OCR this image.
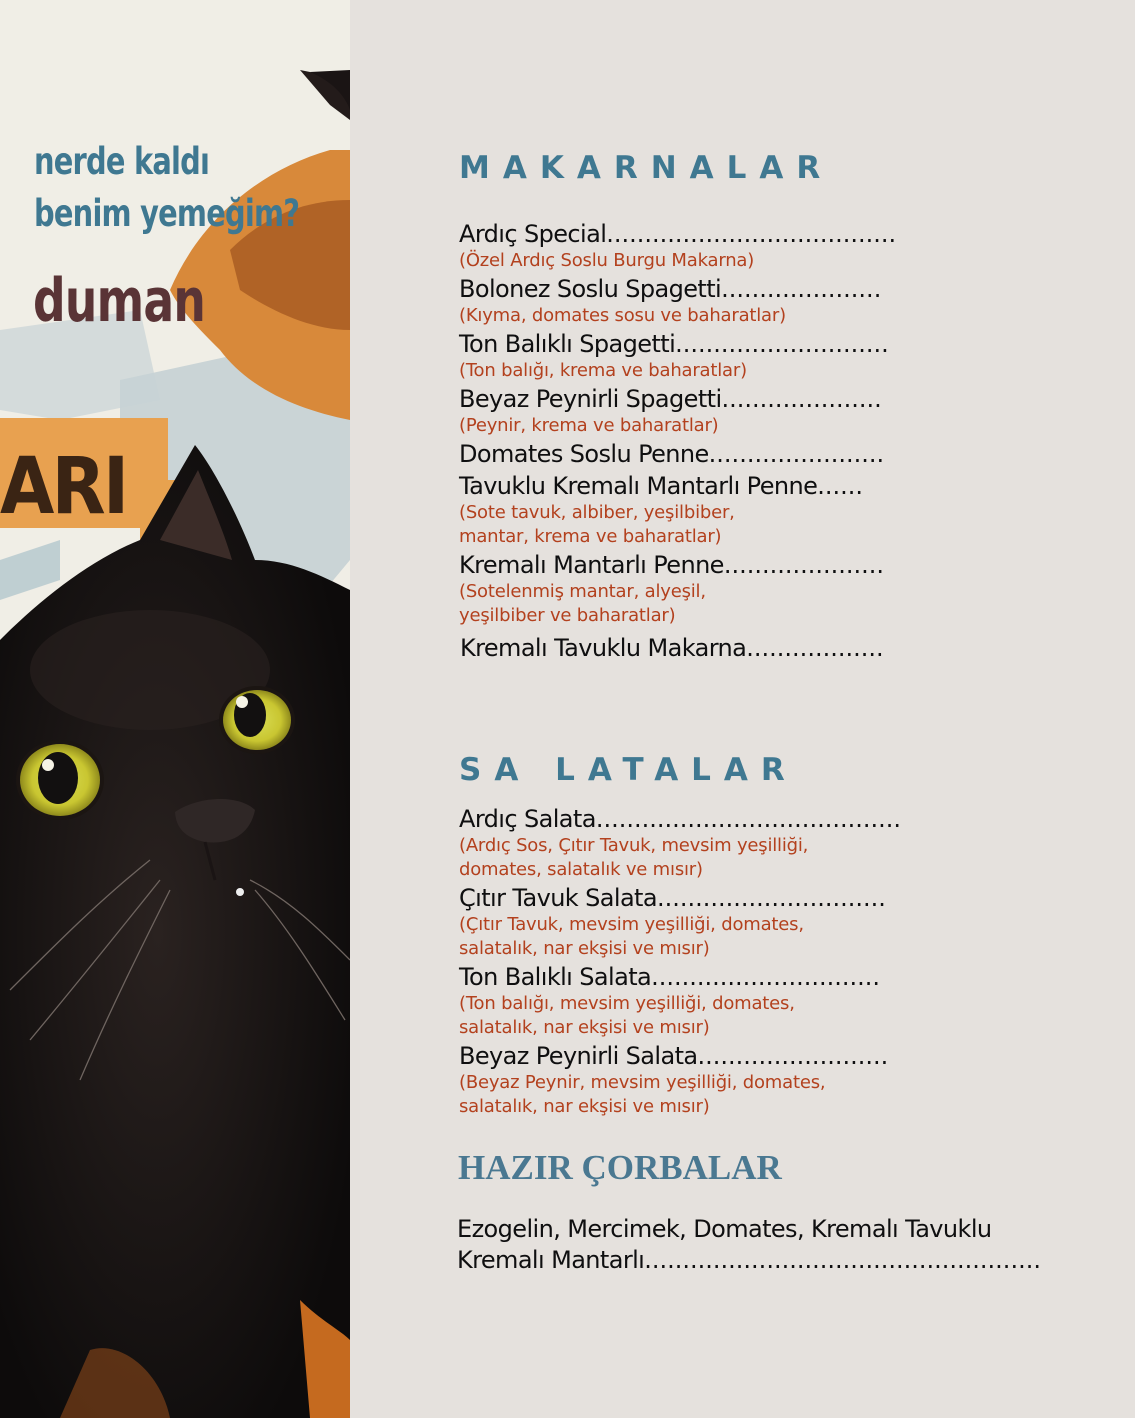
ARI
nerde kaldı
benim yemeğim?
duman
MAKARNALAR
Ardıç Special ......................................
(Özel Ardıç Soslu Burgu Makarna)
Bolonez Soslu Spagetti .....................
(Kıyma, domates sosu ve baharatlar)
Ton Balıklı Spagetti ............................
(Ton balığı, krema ve baharatlar)
Beyaz Peynirli Spagetti .....................
(Peynir, krema ve baharatlar)
Domates Soslu Penne .......................
Tavuklu Kremalı Mantarlı Penne ......
(Sote tavuk, albiber, yeşilbiber,
mantar, krema ve baharatlar)
Kremalı Mantarlı Penne .....................
(Sotelenmiş mantar, alyeşil,
yeşilbiber ve baharatlar)
Kremalı Tavuklu Makarna ..................
SA LATALAR
Ardıç Salata ........................................
(Ardıç Sos, Çıtır Tavuk, mevsim yeşilliği,
domates, salatalık ve mısır)
Çıtır Tavuk Salata ..............................
(Çıtır Tavuk, mevsim yeşilliği, domates,
salatalık, nar ekşisi ve mısır)
Ton Balıklı Salata ..............................
(Ton balığı, mevsim yeşilliği, domates,
salatalık, nar ekşisi ve mısır)
Beyaz Peynirli Salata .........................
(Beyaz Peynir, mevsim yeşilliği, domates,
salatalık, nar ekşisi ve mısır)
HAZIR ÇORBALAR
Ezogelin, Mercimek, Domates, Kremalı Tavuklu
Kremalı Mantarlı....................................................
